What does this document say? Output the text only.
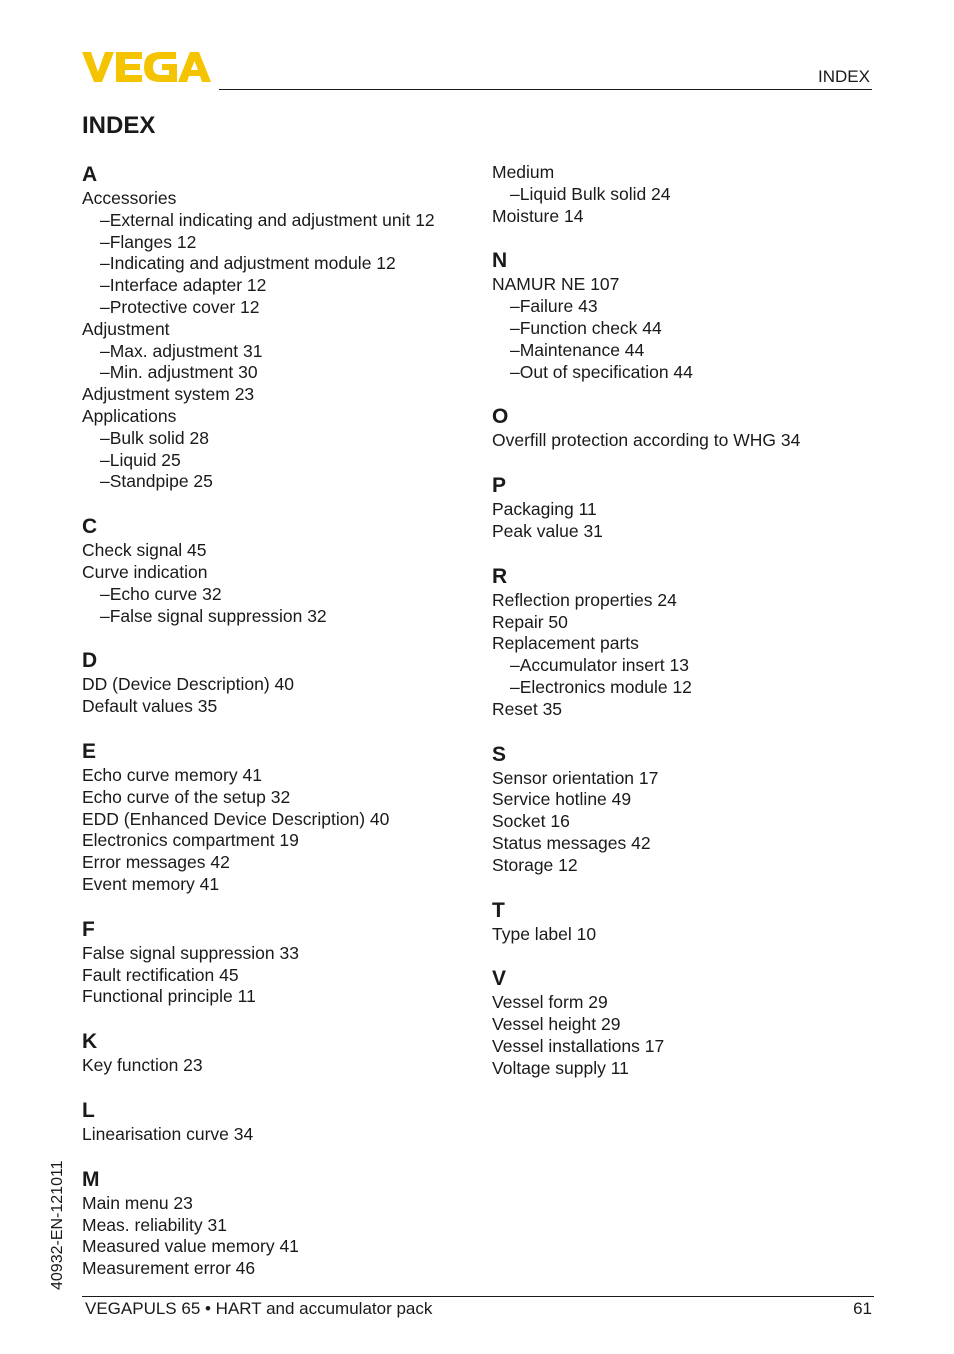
INDEX
INDEX
A
Accessories
–External indicating and adjustment unit 12
–Flanges 12
–Indicating and adjustment module 12
–Interface adapter 12
–Protective cover 12
Adjustment
–Max. adjustment 31
–Min. adjustment 30
Adjustment system 23
Applications
–Bulk solid 28
–Liquid 25
–Standpipe 25
C
Check signal 45
Curve indication
–Echo curve 32
–False signal suppression 32
D
DD (Device Description) 40
Default values 35
E
Echo curve memory 41
Echo curve of the setup 32
EDD (Enhanced Device Description) 40
Electronics compartment 19
Error messages 42
Event memory 41
F
False signal suppression 33
Fault rectification 45
Functional principle 11
K
Key function 23
L
Linearisation curve 34
M
Main menu 23
Meas. reliability 31
Measured value memory 41
Measurement error 46
Medium
–Liquid Bulk solid 24
Moisture 14
N
NAMUR NE 107
–Failure 43
–Function check 44
–Maintenance 44
–Out of specification 44
O
Overfill protection according to WHG 34
P
Packaging 11
Peak value 31
R
Reflection properties 24
Repair 50
Replacement parts
–Accumulator insert 13
–Electronics module 12
Reset 35
S
Sensor orientation 17
Service hotline 49
Socket 16
Status messages 42
Storage 12
T
Type label 10
V
Vessel form 29
Vessel height 29
Vessel installations 17
Voltage supply 11
40932-EN-121011
VEGAPULS 65 • HART and accumulator pack	61
